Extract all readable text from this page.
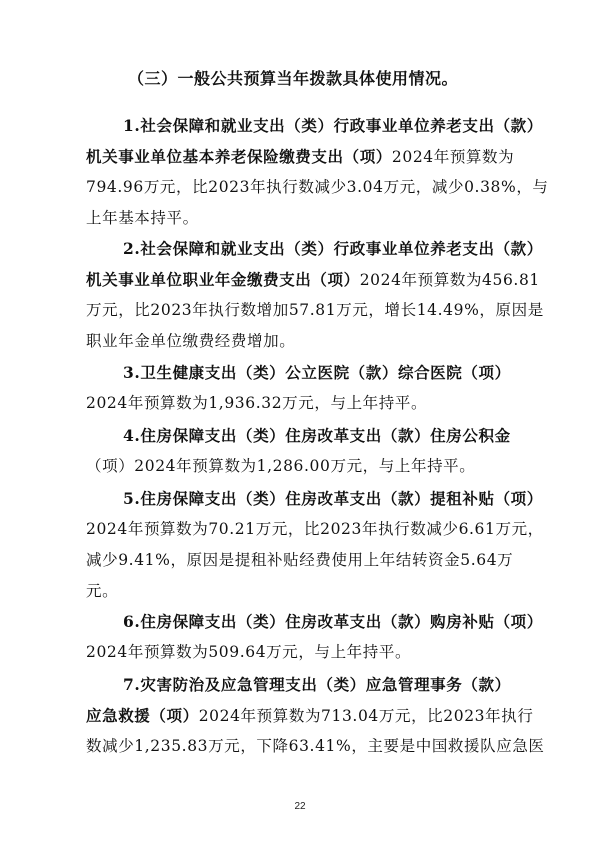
（三）一般公共预算当年拨款具体使用情况。
1.社会保障和就业支出（类）行政事业单位养老支出（款）
机关事业单位基本养老保险缴费支出（项）2024年预算数为
794.96万元，比2023年执行数减少3.04万元，减少0.38%，与
上年基本持平。
2.社会保障和就业支出（类）行政事业单位养老支出（款）
机关事业单位职业年金缴费支出（项）2024年预算数为456.81
万元，比2023年执行数增加57.81万元，增长14.49%，原因是
职业年金单位缴费经费增加。
3.卫生健康支出（类）公立医院（款）综合医院（项）
2024年预算数为1,936.32万元，与上年持平。
4.住房保障支出（类）住房改革支出（款）住房公积金
（项）2024年预算数为1,286.00万元，与上年持平。
5.住房保障支出（类）住房改革支出（款）提租补贴（项）
2024年预算数为70.21万元，比2023年执行数减少6.61万元，
减少9.41%，原因是提租补贴经费使用上年结转资金5.64万
元。
6.住房保障支出（类）住房改革支出（款）购房补贴（项）
2024年预算数为509.64万元，与上年持平。
7.灾害防治及应急管理支出（类）应急管理事务（款）
应急救援（项）2024年预算数为713.04万元，比2023年执行
数减少1,235.83万元，下降63.41%，主要是中国救援队应急医
22
